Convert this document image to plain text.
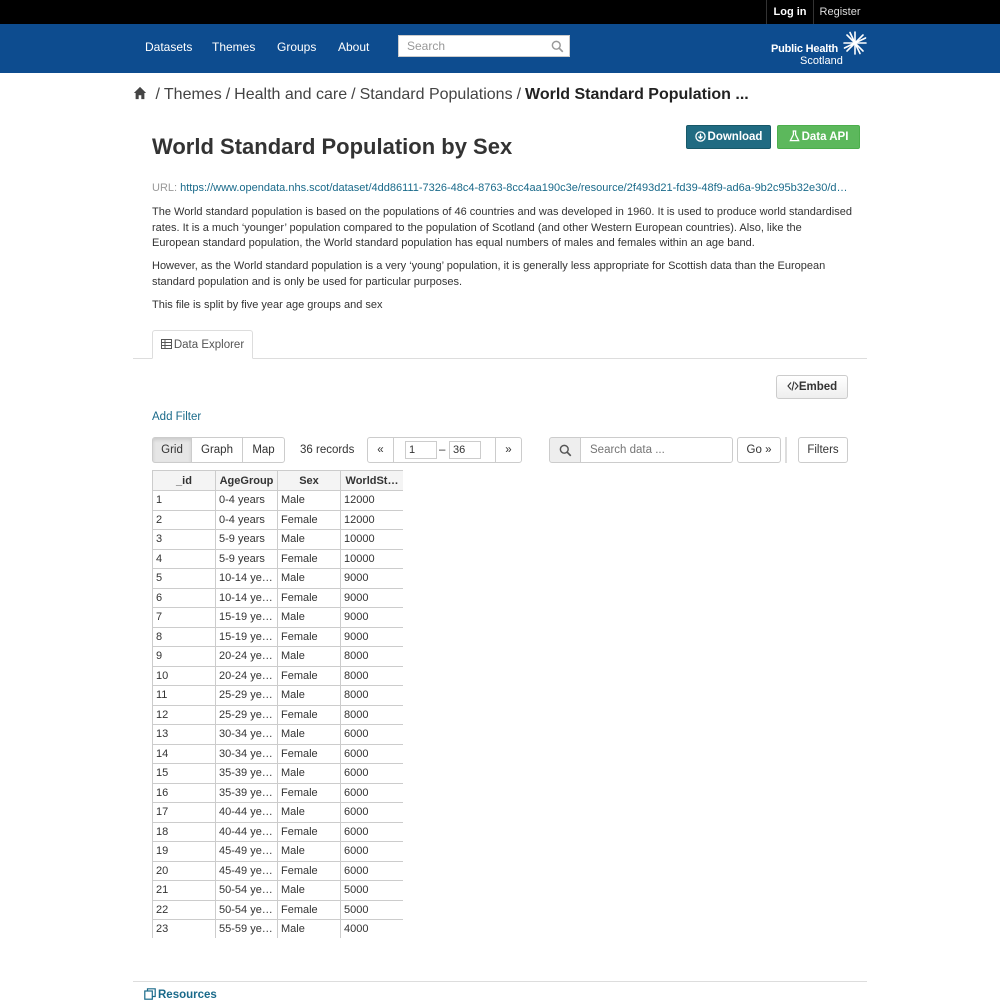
Log in	Register
Datasets Themes Groups About	Search	Public Health
Scotland
/ Themes / Health and care / Standard Populations / World Standard Population ...
World Standard Population by Sex	Download	Data API
URL: https://www.opendata.nhs.scot/dataset/4dd86111-7326-48c4-8763-8cc4aa190c3e/resource/2f493d21-fd39-48f9-ad6a-9b2c95b32e30/d…

The World standard population is based on the populations of 46 countries and was developed in 1960. It is used to produce world standardised rates. It is a much ‘younger’ population compared to the population of Scotland (and other Western European countries). Also, like the European standard population, the World standard population has equal numbers of males and females within an age band.

However, as the World standard population is a very ‘young’ population, it is generally less appropriate for Scottish data than the European standard population and is only be used for particular purposes.

This file is split by five year age groups and sex

Data Explorer
Embed
Add Filter
Grid	Graph	Map	36 records	«
1	–
36	»
Search data ...	Go »	Filters
_id	AgeGroup	Sex	WorldSt…
1	0-4 years	Male	12000
2	0-4 years	Female	12000
3	5-9 years	Male	10000
4	5-9 years	Female	10000
5	10-14 ye…	Male	9000
6	10-14 ye…	Female	9000
7	15-19 ye…	Male	9000
8	15-19 ye…	Female	9000
9	20-24 ye…	Male	8000
10	20-24 ye…	Female	8000
11	25-29 ye…	Male	8000
12	25-29 ye…	Female	8000
13	30-34 ye…	Male	6000
14	30-34 ye…	Female	6000
15	35-39 ye…	Male	6000
16	35-39 ye…	Female	6000
17	40-44 ye…	Male	6000
18	40-44 ye…	Female	6000
19	45-49 ye…	Male	6000
20	45-49 ye…	Female	6000
21	50-54 ye…	Male	5000
22	50-54 ye…	Female	5000
23	55-59 ye…	Male	4000
Resources
